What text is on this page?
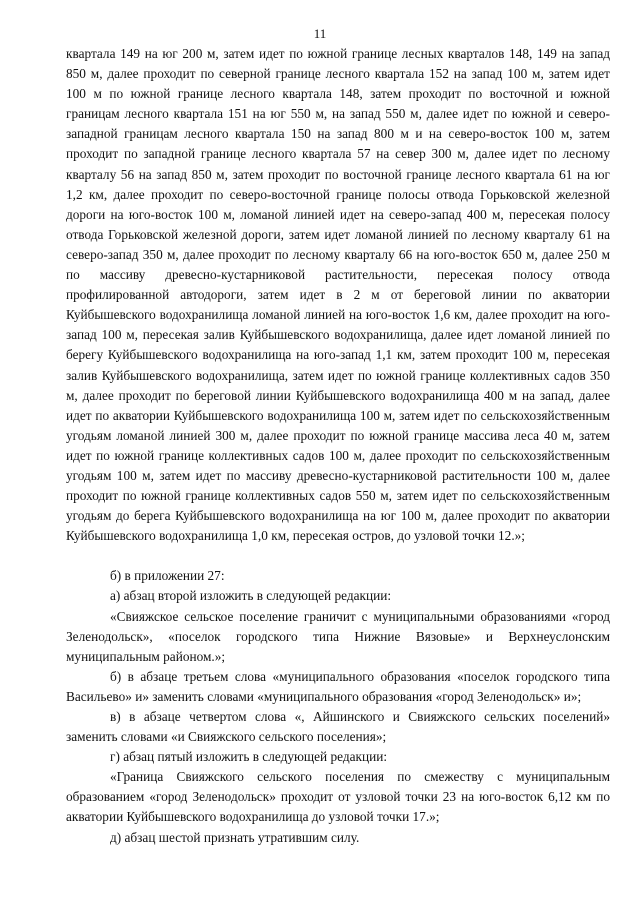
11

квартала 149 на юг 200 м, затем идет по южной границе лесных кварталов 148, 149 на запад 850 м, далее проходит по северной границе лесного квартала 152 на запад 100 м, затем идет 100 м по южной границе лесного квартала 148, затем проходит по восточной и южной границам лесного квартала 151 на юг 550 м, на запад 550 м, далее идет по южной и северо-западной границам лесного квартала 150 на запад 800 м и на северо-восток 100 м, затем проходит по западной границе лесного квартала 57 на север 300 м, далее идет по лесному кварталу 56 на запад 850 м, затем проходит по восточной границе лесного квартала 61 на юг 1,2 км, далее проходит по северо-восточной границе полосы отвода Горьковской железной дороги на юго-восток 100 м, ломаной линией идет на северо-запад 400 м, пересекая полосу отвода Горьковской железной дороги, затем идет ломаной линией по лесному кварталу 61 на северо-запад 350 м, далее проходит по лесному кварталу 66 на юго-восток 650 м, далее 250 м по массиву древесно-кустарниковой растительности, пересекая полосу отвода профилированной автодороги, затем идет в 2 м от береговой линии по акватории Куйбышевского водохранилища ломаной линией на юго-восток 1,6 км, далее проходит на юго-запад 100 м, пересекая залив Куйбышевского водохранилища, далее идет ломаной линией по берегу Куйбышевского водохранилища на юго-запад 1,1 км, затем проходит 100 м, пересекая залив Куйбышевского водохранилища, затем идет по южной границе коллективных садов 350 м, далее проходит по береговой линии Куйбышевского водохранилища 400 м на запад, далее идет по акватории Куйбышевского водохранилища 100 м, затем идет по сельскохозяйственным угодьям ломаной линией 300 м, далее проходит по южной границе массива леса 40 м, затем идет по южной границе коллективных садов 100 м, далее проходит по сельскохозяйственным угодьям 100 м, затем идет по массиву древесно-кустарниковой растительности 100 м, далее проходит по южной границе коллективных садов 550 м, затем идет по сельскохозяйственным угодьям до берега Куйбышевского водохранилища на юг 100 м, далее проходит по акватории Куйбышевского водохранилища 1,0 км, пересекая остров, до узловой точки 12.»;

б) в приложении 27:

а) абзац второй изложить в следующей редакции:

«Свияжское сельское поселение граничит с муниципальными образованиями «город Зеленодольск», «поселок городского типа Нижние Вязовые» и Верхнеуслонским муниципальным районом.»;

б) в абзаце третьем слова «муниципального образования «поселок городского типа Васильево» и» заменить словами «муниципального образования «город Зеленодольск» и»;

в) в абзаце четвертом слова «, Айшинского и Свияжского сельских поселений» заменить словами «и Свияжского сельского поселения»;

г) абзац пятый изложить в следующей редакции:

«Граница Свияжского сельского поселения по смежеству с муниципальным образованием «город Зеленодольск» проходит от узловой точки 23 на юго-восток 6,12 км по акватории Куйбышевского водохранилища до узловой точки 17.»;

д) абзац шестой признать утратившим силу.
